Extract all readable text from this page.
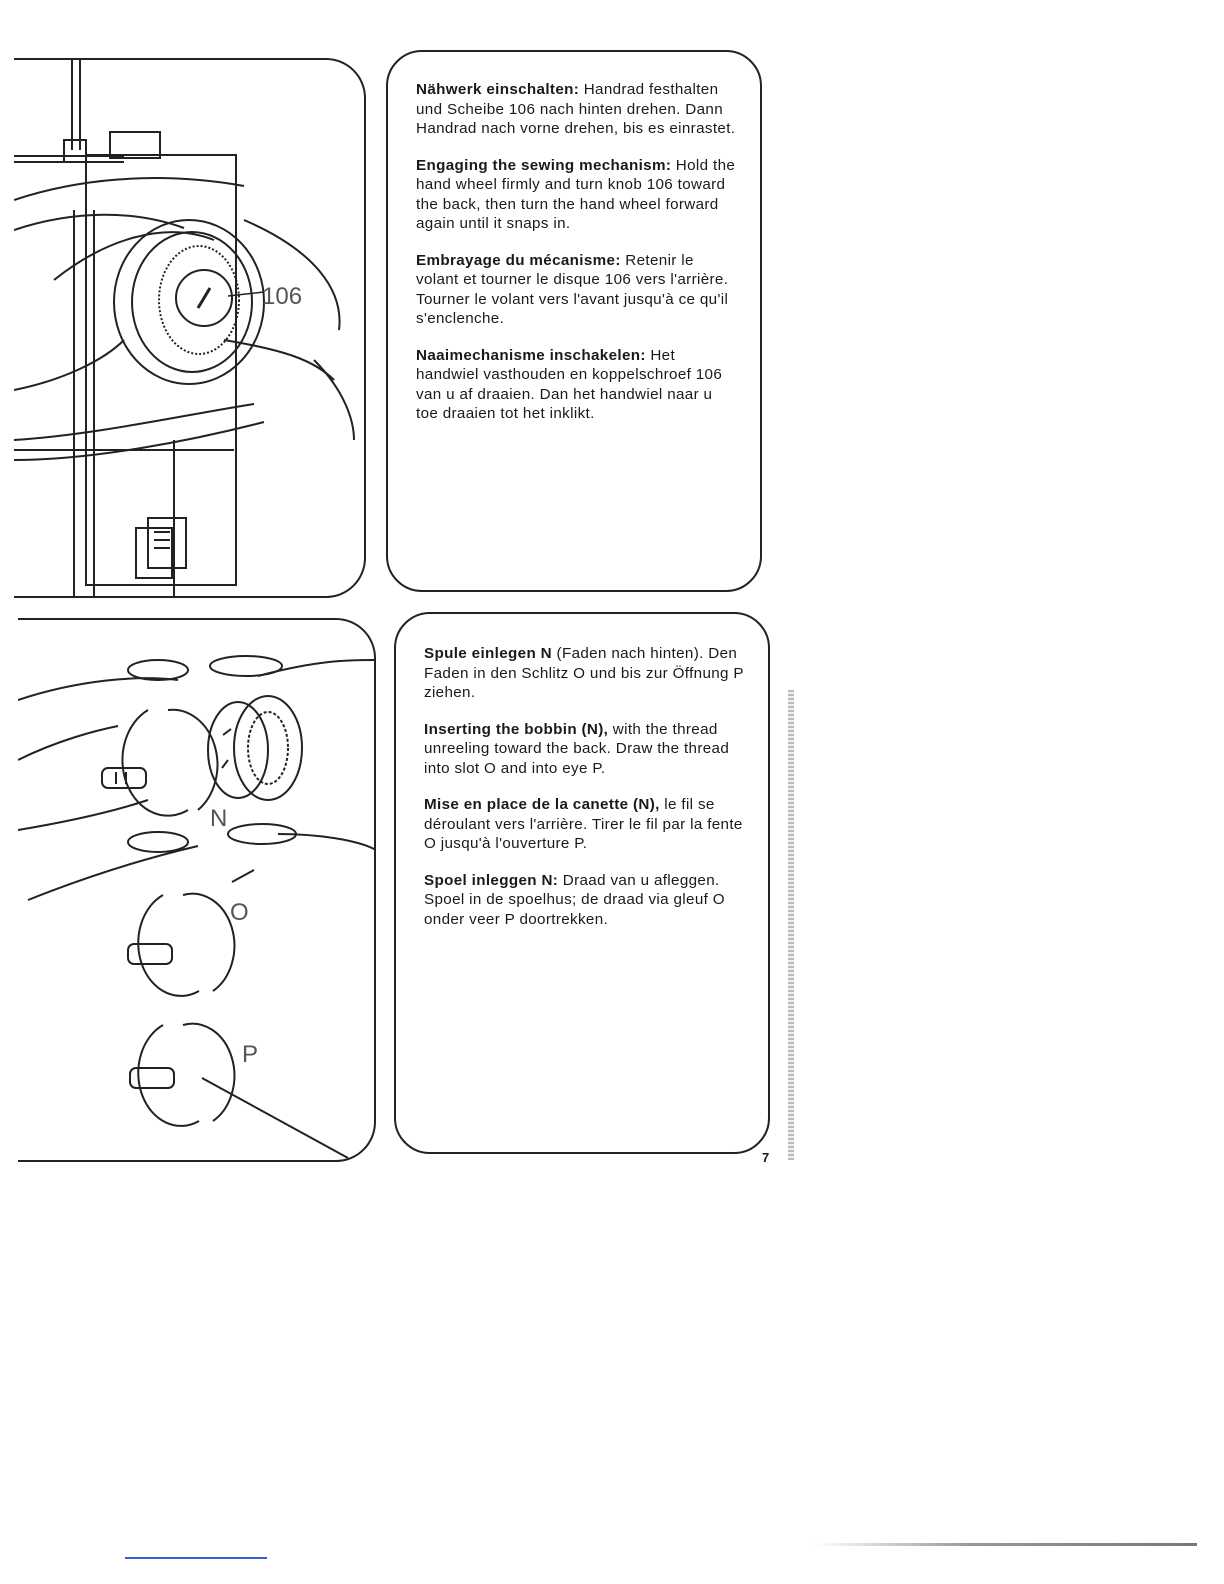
106

Nähwerk einschalten: Handrad festhalten und Scheibe 106 nach hinten drehen. Dann Handrad nach vorne drehen, bis es einrastet.

Engaging the sewing mechanism: Hold the hand wheel firmly and turn knob 106 toward the back, then turn the hand wheel forward again until it snaps in.

Embrayage du mécanisme: Retenir le volant et tourner le disque 106 vers l'arrière. Tourner le volant vers l'avant jusqu'à ce qu'il s'enclenche.

Naaimechanisme inschakelen: Het handwiel vasthouden en koppelschroef 106 van u af draaien. Dan het handwiel naar u toe draaien tot het inklikt.

N
O
P

Spule einlegen N (Faden nach hinten). Den Faden in den Schlitz O und bis zur Öffnung P ziehen.

Inserting the bobbin (N), with the thread unreeling toward the back. Draw the thread into slot O and into eye P.

Mise en place de la canette (N), le fil se déroulant vers l'arrière. Tirer le fil par la fente O jusqu'à l'ouverture P.

Spoel inleggen N: Draad van u afleggen. Spoel in de spoelhus; de draad via gleuf O onder veer P doortrekken.

7
